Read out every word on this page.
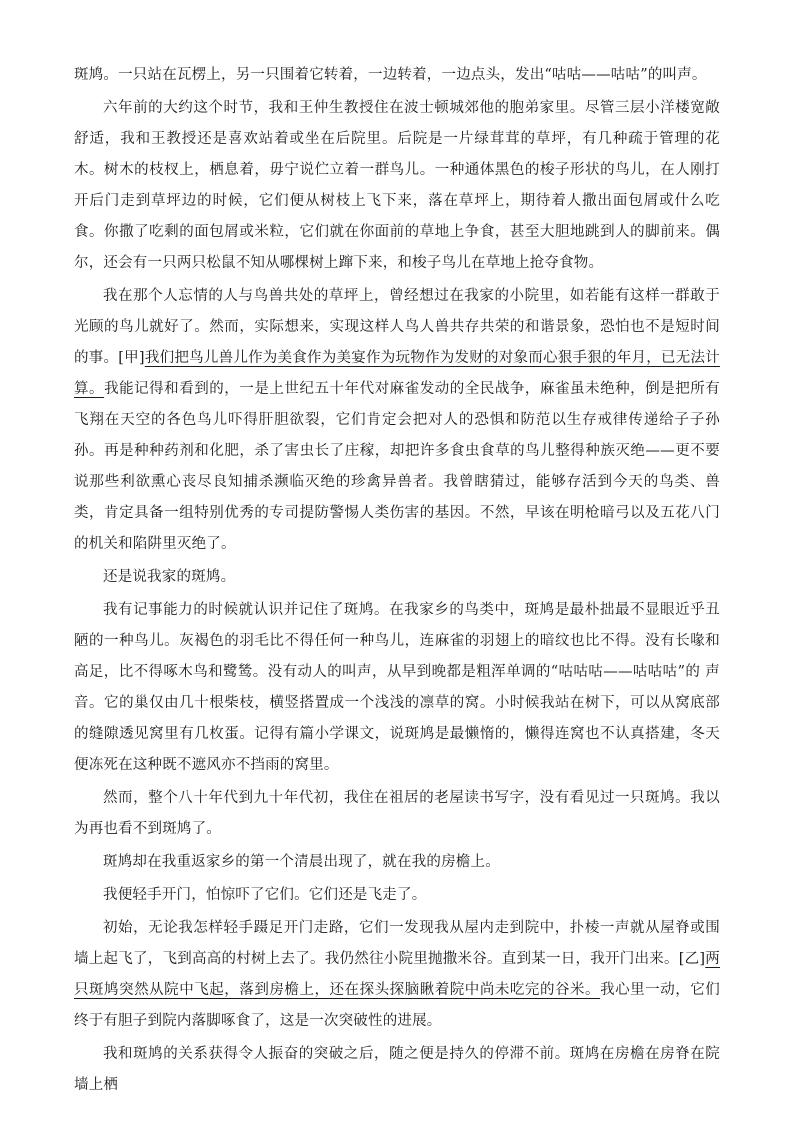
斑鸠。一只站在瓦楞上，另一只围着它转着，一边转着，一边点头，发出“咕咕——咕咕”的叫声。

六年前的大约这个时节，我和王仲生教授住在波士顿城郊他的胞弟家里。尽管三层小洋楼宽敞舒适，我和王教授还是喜欢站着或坐在后院里。后院是一片绿茸茸的草坪，有几种疏于管理的花木。树木的枝杈上，栖息着，毋宁说伫立着一群鸟儿。一种通体黑色的梭子形状的鸟儿，在人刚打开后门走到草坪边的时候，它们便从树枝上飞下来，落在草坪上，期待着人撒出面包屑或什么吃食。你撒了吃剩的面包屑或米粒，它们就在你面前的草地上争食，甚至大胆地跳到人的脚前来。偶尔，还会有一只两只松鼠不知从哪棵树上蹿下来，和梭子鸟儿在草地上抢夺食物。

我在那个人忘情的人与鸟兽共处的草坪上，曾经想过在我家的小院里，如若能有这样一群敢于光顾的鸟儿就好了。然而，实际想来，实现这样人鸟人兽共存共荣的和谐景象，恐怕也不是短时间的事。[甲]我们把鸟儿兽儿作为美食作为美宴作为玩物作为发财的对象而心狠手狠的年月，已无法计算。我能记得和看到的，一是上世纪五十年代对麻雀发动的全民战争，麻雀虽未绝种，倒是把所有飞翔在天空的各色鸟儿吓得肝胆欲裂，它们肯定会把对人的恐惧和防范以生存戒律传递给子子孙孙。再是种种药剂和化肥，杀了害虫长了庄稼，却把许多食虫食草的鸟儿整得种族灭绝——更不要说那些利欲熏心丧尽良知捕杀濒临灭绝的珍禽异兽者。我曾瞎猜过，能够存活到今天的鸟类、兽类，肯定具备一组特别优秀的专司提防警惕人类伤害的基因。不然，早该在明枪暗弓以及五花八门的机关和陷阱里灭绝了。

还是说我家的斑鸠。

我有记事能力的时候就认识并记住了斑鸠。在我家乡的鸟类中，斑鸠是最朴拙最不显眼近乎丑陋的一种鸟儿。灰褐色的羽毛比不得任何一种鸟儿，连麻雀的羽翅上的暗纹也比不得。没有长喙和高足，比不得啄木鸟和鹭鸶。没有动人的叫声，从早到晚都是粗浑单调的“咕咕咕——咕咕咕”的 声音。它的巢仅由几十根柴枝，横竖搭置成一个浅浅的凛草的窝。小时候我站在树下，可以从窝底部的缝隙透见窝里有几枚蛋。记得有篇小学课文，说斑鸠是最懒惰的，懒得连窝也不认真搭建，冬天便冻死在这种既不遮风亦不挡雨的窝里。

然而，整个八十年代到九十年代初，我住在祖居的老屋读书写字，没有看见过一只斑鸠。我以为再也看不到斑鸠了。

斑鸠却在我重返家乡的第一个清晨出现了，就在我的房檐上。

我便轻手开门，怕惊吓了它们。它们还是飞走了。

初始，无论我怎样轻手蹑足开门走路，它们一发现我从屋内走到院中，扑棱一声就从屋脊或围墙上起飞了，飞到高高的村树上去了。我仍然往小院里抛撒米谷。直到某一日，我开门出来。[乙]两只斑鸠突然从院中飞起，落到房檐上，还在探头探脑瞅着院中尚未吃完的谷米。我心里一动，它们终于有胆子到院内落脚啄食了，这是一次突破性的进展。

我和斑鸠的关系获得令人振奋的突破之后，随之便是持久的停滞不前。斑鸠在房檐在房脊在院墙上栖
